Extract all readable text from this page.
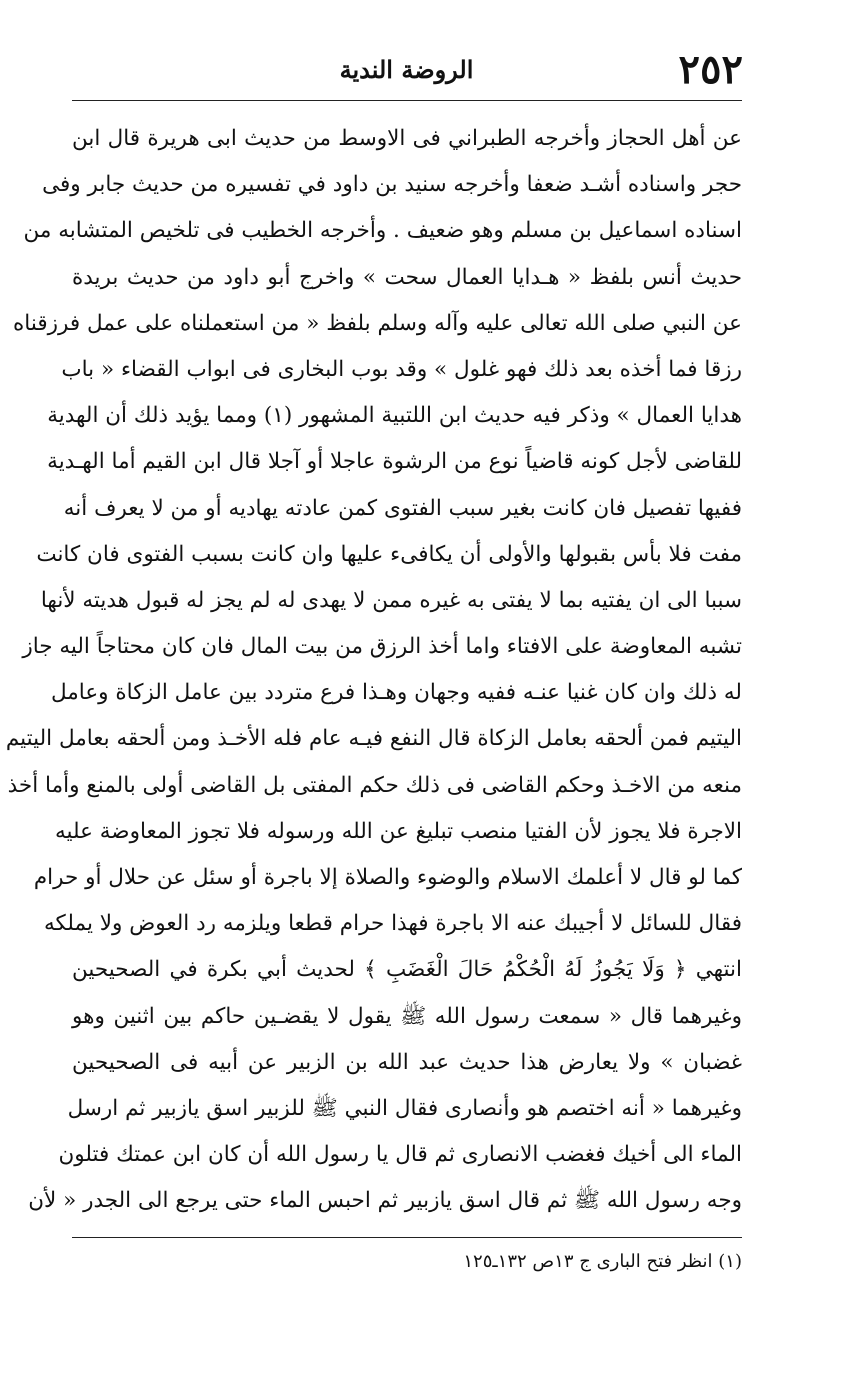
٢٥٢
الروضة الندية
عن أهل الحجاز وأخرجه الطبراني فى الاوسط من حديث ابى هريرة قال ابن
حجر واسناده أشـد ضعفا وأخرجه سنيد بن داود في تفسيره من حديث جابر وفى
اسناده اسماعيل بن مسلم وهو ضعيف . وأخرجه الخطيب فى تلخيص المتشابه من
حديث أنس بلفظ « هـدايا العمال سحت » واخرج أبو داود من حديث بريدة
عن النبي صلى الله تعالى عليه وآله وسلم بلفظ « من استعملناه على عمل فرزقناه
رزقا فما أخذه بعد ذلك فهو غلول » وقد بوب البخارى فى ابواب القضاء « باب
هدايا العمال » وذكر فيه حديث ابن اللتبية المشهور (١) ومما يؤيد ذلك أن الهدية
للقاضى لأجل كونه قاضياً نوع من الرشوة عاجلا أو آجلا قال ابن القيم أما الهـدية
ففيها تفصيل فان كانت بغير سبب الفتوى كمن عادته يهاديه أو من لا يعرف أنه
مفت فلا بأس بقبولها والأولى أن يكافىء عليها وان كانت بسبب الفتوى فان كانت
سببا الى ان يفتيه بما لا يفتى به غيره ممن لا يهدى له لم يجز له قبول هديته لأنها
تشبه المعاوضة على الافتاء واما أخذ الرزق من بيت المال فان كان محتاجاً اليه جاز
له ذلك وان كان غنيا عنـه ففيه وجهان وهـذا فرع متردد بين عامل الزكاة وعامل
اليتيم فمن ألحقه بعامل الزكاة قال النفع فيـه عام فله الأخـذ ومن ألحقه بعامل اليتيم
منعه من الاخـذ وحكم القاضى فى ذلك حكم المفتى بل القاضى أولى بالمنع وأما أخذ
الاجرة فلا يجوز لأن الفتيا منصب تبليغ عن الله ورسوله فلا تجوز المعاوضة عليه
كما لو قال لا أعلمك الاسلام والوضوء والصلاة إلا باجرة أو سئل عن حلال أو حرام
فقال للسائل لا أجيبك عنه الا باجرة فهذا حرام قطعا ويلزمه رد العوض ولا يملكه
انتهي ﴿ وَلَا يَجُوزُ لَهُ الْحُكْمُ حَالَ الْغَضَبِ ﴾ لحديث أبي بكرة في الصحيحين
وغيرهما قال « سمعت رسول الله ﷺ يقول لا يقضـين حاكم بين اثنين وهو
غضبان » ولا يعارض هذا حديث عبد الله بن الزبير عن أبيه فى الصحيحين
وغيرهما « أنه اختصم هو وأنصارى فقال النبي ﷺ للزبير اسق يازبير ثم ارسل
الماء الى أخيك فغضب الانصارى ثم قال يا رسول الله أن كان ابن عمتك فتلون
وجه رسول الله ﷺ ثم قال اسق يازبير ثم احبس الماء حتى يرجع الى الجدر « لأن
(١) انظر فتح البارى ج ١٣ص ١٣٢ـ١٢٥
